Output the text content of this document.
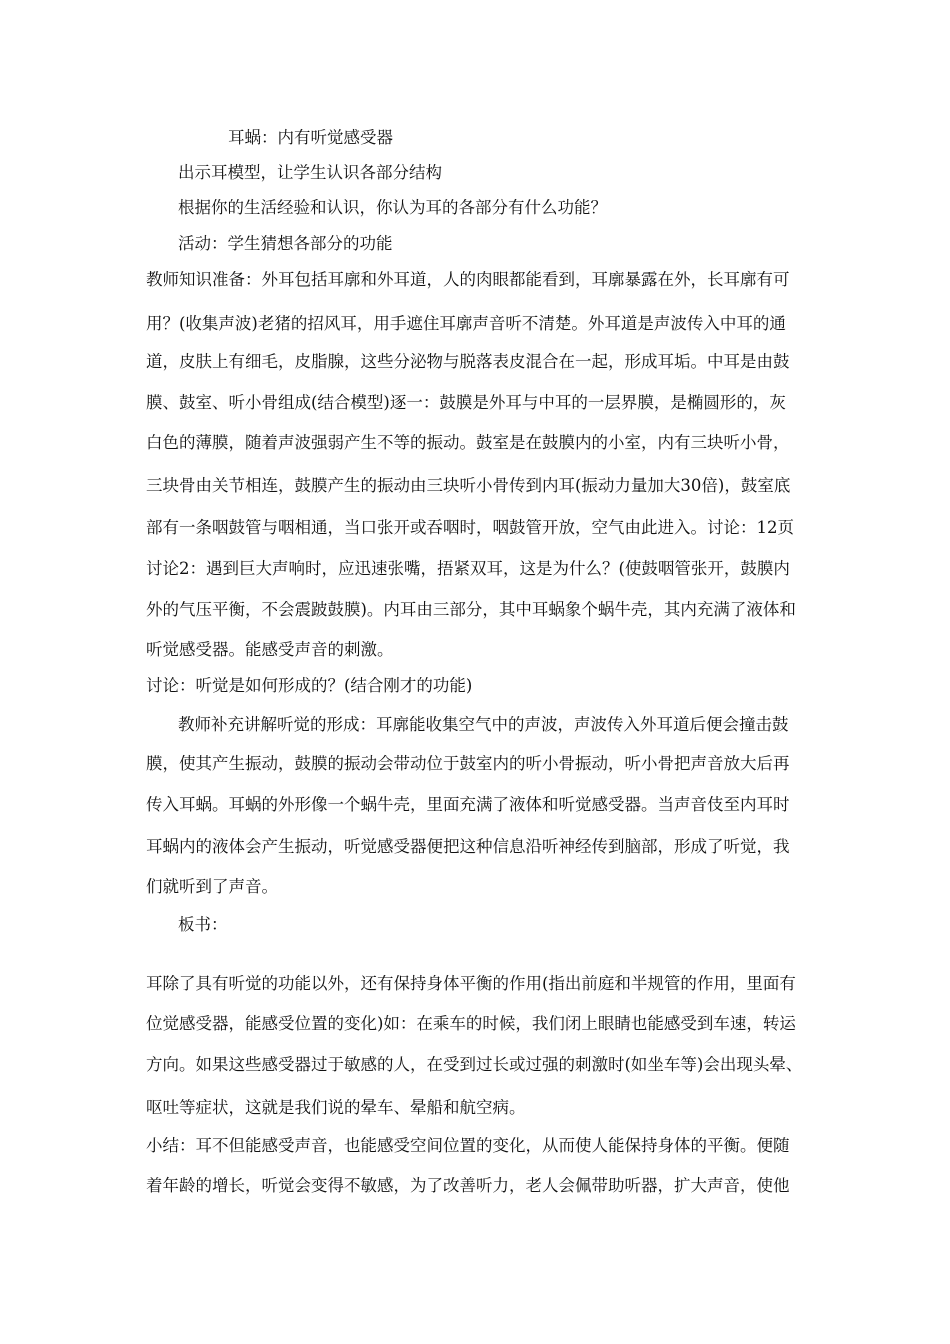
耳蜗：内有听觉感受器
出示耳模型，让学生认识各部分结构
根据你的生活经验和认识，你认为耳的各部分有什么功能？
活动：学生猜想各部分的功能
教师知识准备：外耳包括耳廓和外耳道，人的肉眼都能看到，耳廓暴露在外，长耳廓有可
用？(收集声波)老猪的招风耳，用手遮住耳廓声音听不清楚。外耳道是声波传入中耳的通
道，皮肤上有细毛，皮脂腺，这些分泌物与脱落表皮混合在一起，形成耳垢。中耳是由鼓
膜、鼓室、听小骨组成(结合模型)逐一：鼓膜是外耳与中耳的一层界膜，是椭圆形的，灰
白色的薄膜，随着声波强弱产生不等的振动。鼓室是在鼓膜内的小室，内有三块听小骨，
三块骨由关节相连，鼓膜产生的振动由三块听小骨传到内耳(振动力量加大30倍)，鼓室底
部有一条咽鼓管与咽相通，当口张开或吞咽时，咽鼓管开放，空气由此进入。讨论：12页
讨论2：遇到巨大声响时，应迅速张嘴，捂紧双耳，这是为什么？(使鼓咽管张开，鼓膜内
外的气压平衡，不会震跛鼓膜)。内耳由三部分，其中耳蜗象个蜗牛壳，其内充满了液体和
听觉感受器。能感受声音的刺激。
讨论：听觉是如何形成的？(结合刚才的功能)
教师补充讲解听觉的形成：耳廓能收集空气中的声波，声波传入外耳道后便会撞击鼓
膜，使其产生振动，鼓膜的振动会带动位于鼓室内的听小骨振动，听小骨把声音放大后再
传入耳蜗。耳蜗的外形像一个蜗牛壳，里面充满了液体和听觉感受器。当声音伎至内耳时
耳蜗内的液体会产生振动，听觉感受器便把这种信息沿听神经传到脑部，形成了听觉，我
们就听到了声音。
板书：
耳除了具有听觉的功能以外，还有保持身体平衡的作用(指出前庭和半规管的作用，里面有
位觉感受器，能感受位置的变化)如：在乘车的时候，我们闭上眼睛也能感受到车速，转运
方向。如果这些感受器过于敏感的人，在受到过长或过强的刺激时(如坐车等)会出现头晕、
呕吐等症状，这就是我们说的晕车、晕船和航空病。
小结：耳不但能感受声音，也能感受空间位置的变化，从而使人能保持身体的平衡。便随
着年龄的增长，听觉会变得不敏感，为了改善听力，老人会佩带助听器，扩大声音，使他
